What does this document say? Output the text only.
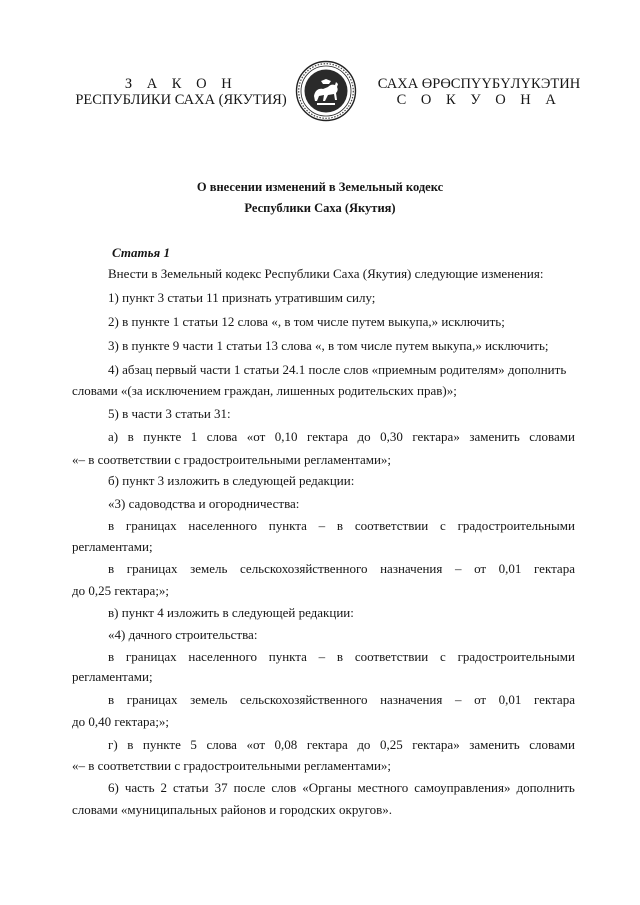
З А К О Н
РЕСПУБЛИКИ САХА (ЯКУТИЯ)
САХА ӨРӨСПҮҮБҮЛҮКЭТИН
С О К У О Н А
О внесении изменений в Земельный кодекс
Республики Саха (Якутия)
Статья 1
Внести в Земельный кодекс Республики Саха (Якутия) следующие изменения:
1) пункт 3 статьи 11 признать утратившим силу;
2) в пункте 1 статьи 12 слова «, в том числе путем выкупа,» исключить;
3) в пункте 9 части 1 статьи 13 слова «, в том числе путем выкупа,» исключить;
4) абзац первый части 1 статьи 24.1 после слов «приемным родителям» дополнить
словами «(за исключением граждан, лишенных родительских прав)»;
5) в части 3 статьи 31:
а) в пункте 1 слова «от 0,10 гектара до 0,30 гектара» заменить словами
«– в соответствии с градостроительными регламентами»;
б) пункт 3 изложить в следующей редакции:
«3) садоводства и огородничества:
в границах населенного пункта – в соответствии с градостроительными
регламентами;
в границах земель сельскохозяйственного назначения – от 0,01 гектара
до 0,25 гектара;»;
в) пункт 4 изложить в следующей редакции:
«4) дачного строительства:
в границах населенного пункта – в соответствии с градостроительными
регламентами;
в границах земель сельскохозяйственного назначения – от 0,01 гектара
до 0,40 гектара;»;
г) в пункте 5 слова «от 0,08 гектара до 0,25 гектара» заменить словами
«– в соответствии с градостроительными регламентами»;
6) часть 2 статьи 37 после слов «Органы местного самоуправления» дополнить
словами «муниципальных районов и городских округов».
